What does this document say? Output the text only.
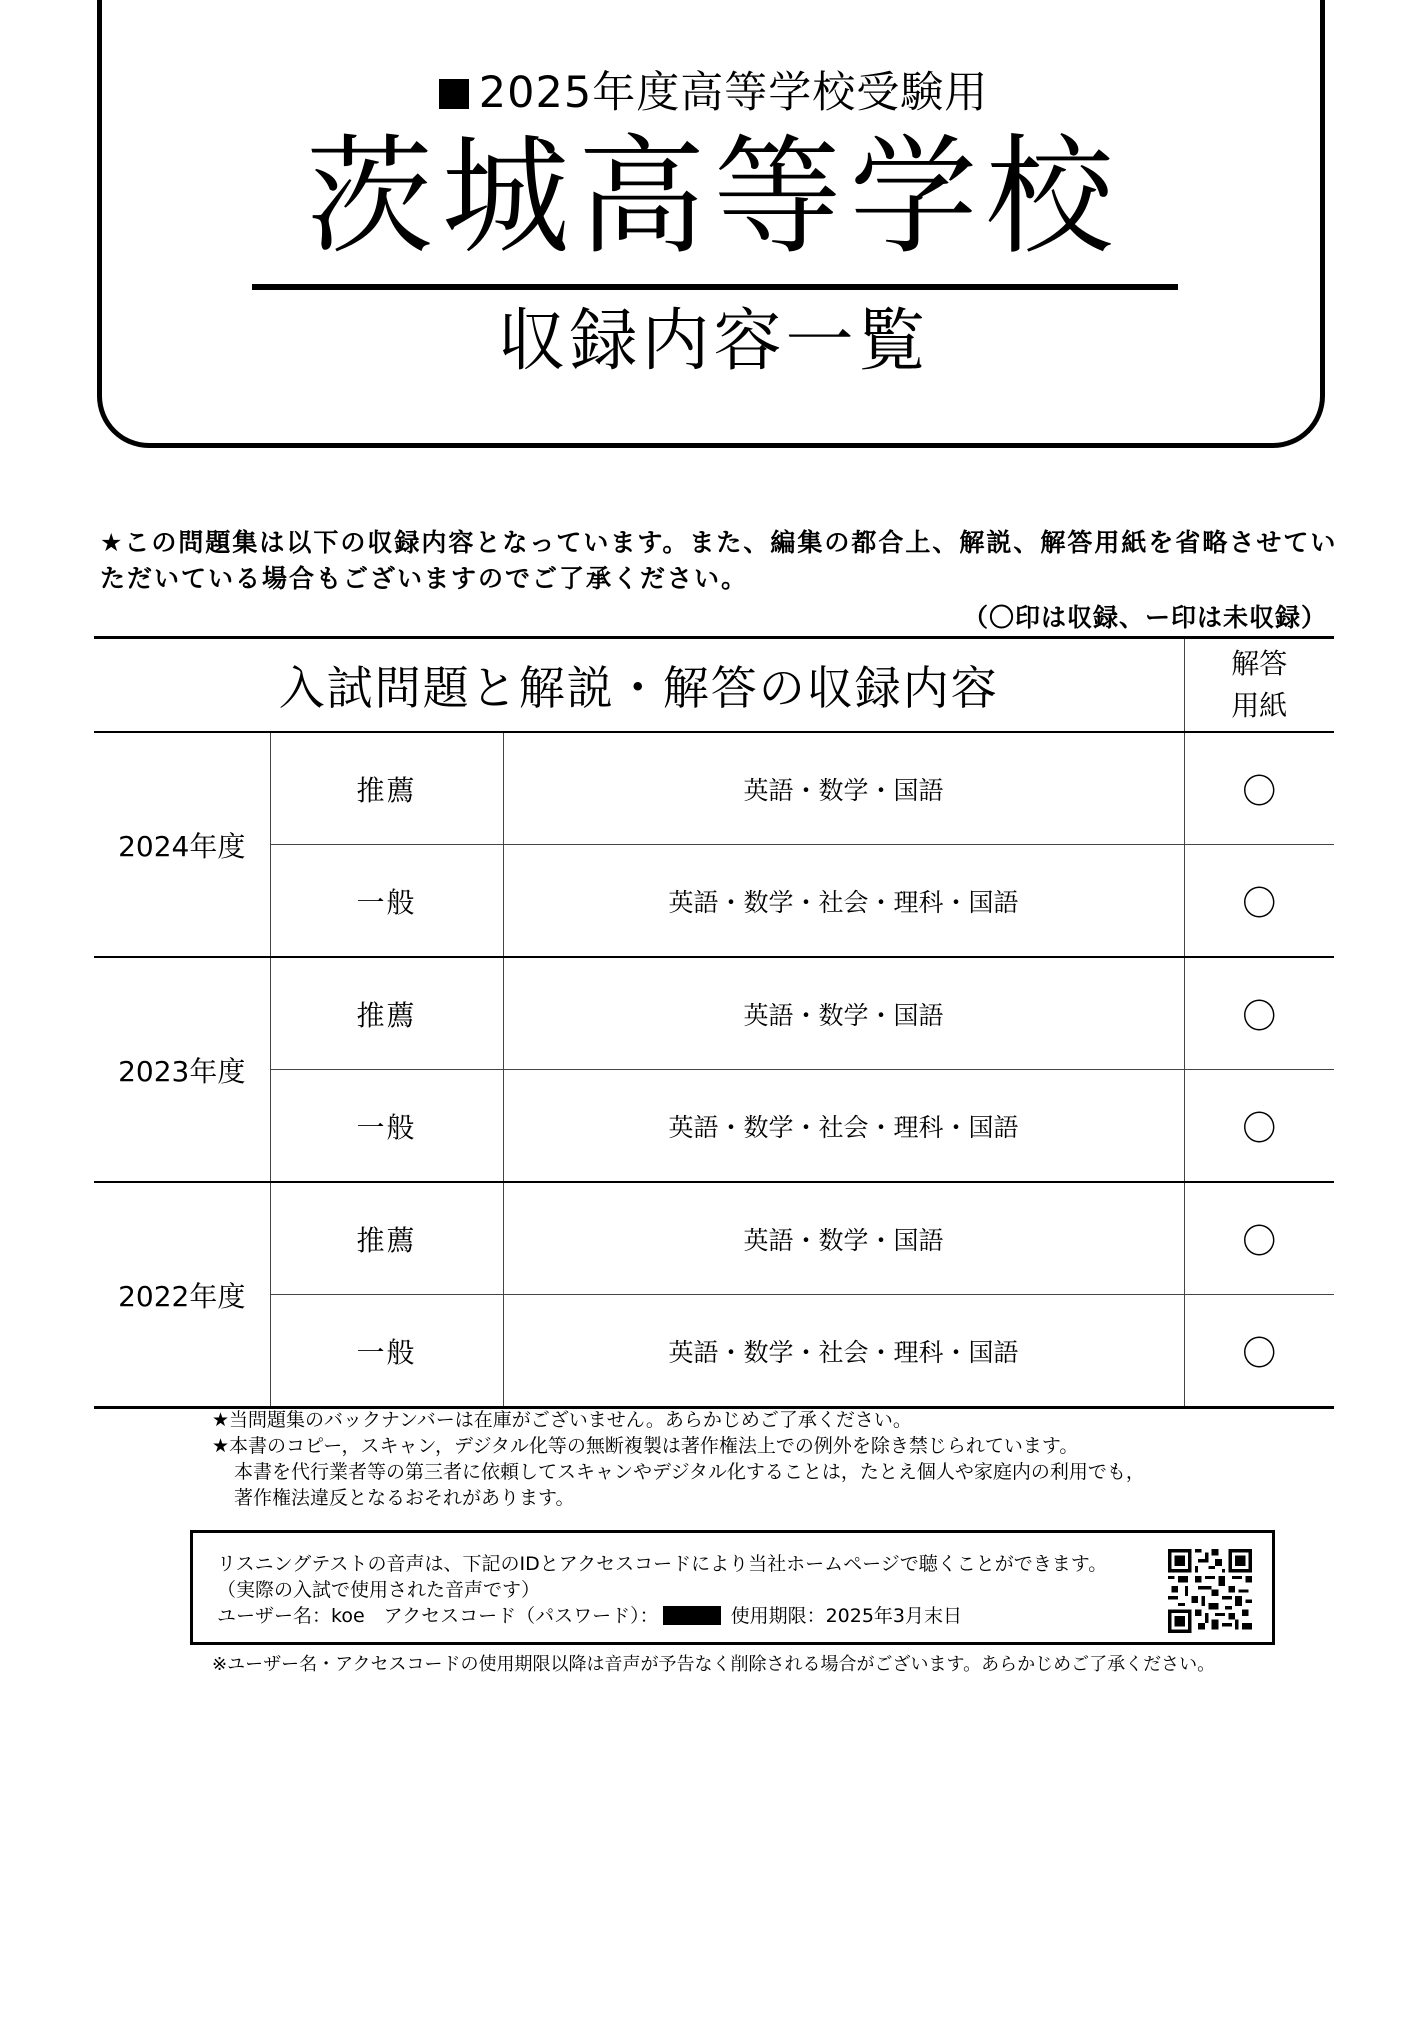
2025年度高等学校受験用
茨城高等学校
収録内容一覧
★この問題集は以下の収録内容となっています。また、編集の都合上、解説、解答用紙を省略させていただいている場合もございますのでご了承ください。
（〇印は収録、ー印は未収録）
入試問題と解説・解答の収録内容			解答
用紙
2024年度	推薦	英語・数学・国語	〇
	一般	英語・数学・社会・理科・国語	〇
2023年度	推薦	英語・数学・国語	〇
	一般	英語・数学・社会・理科・国語	〇
2022年度	推薦	英語・数学・国語	〇
	一般	英語・数学・社会・理科・国語	〇

★当問題集のバックナンバーは在庫がございません。あらかじめご了承ください。

★本書のコピー，スキャン，デジタル化等の無断複製は著作権法上での例外を除き禁じられています。

本書を代行業者等の第三者に依頼してスキャンやデジタル化することは，たとえ個人や家庭内の利用でも，

著作権法違反となるおそれがあります。

リスニングテストの音声は、下記のIDとアクセスコードにより当社ホームページで聴くことができます。

（実際の入試で使用された音声です）

ユーザー名：koe　アクセスコード（パスワード）：	使用期限：2025年3月末日

※ユーザー名・アクセスコードの使用期限以降は音声が予告なく削除される場合がございます。あらかじめご了承ください。
